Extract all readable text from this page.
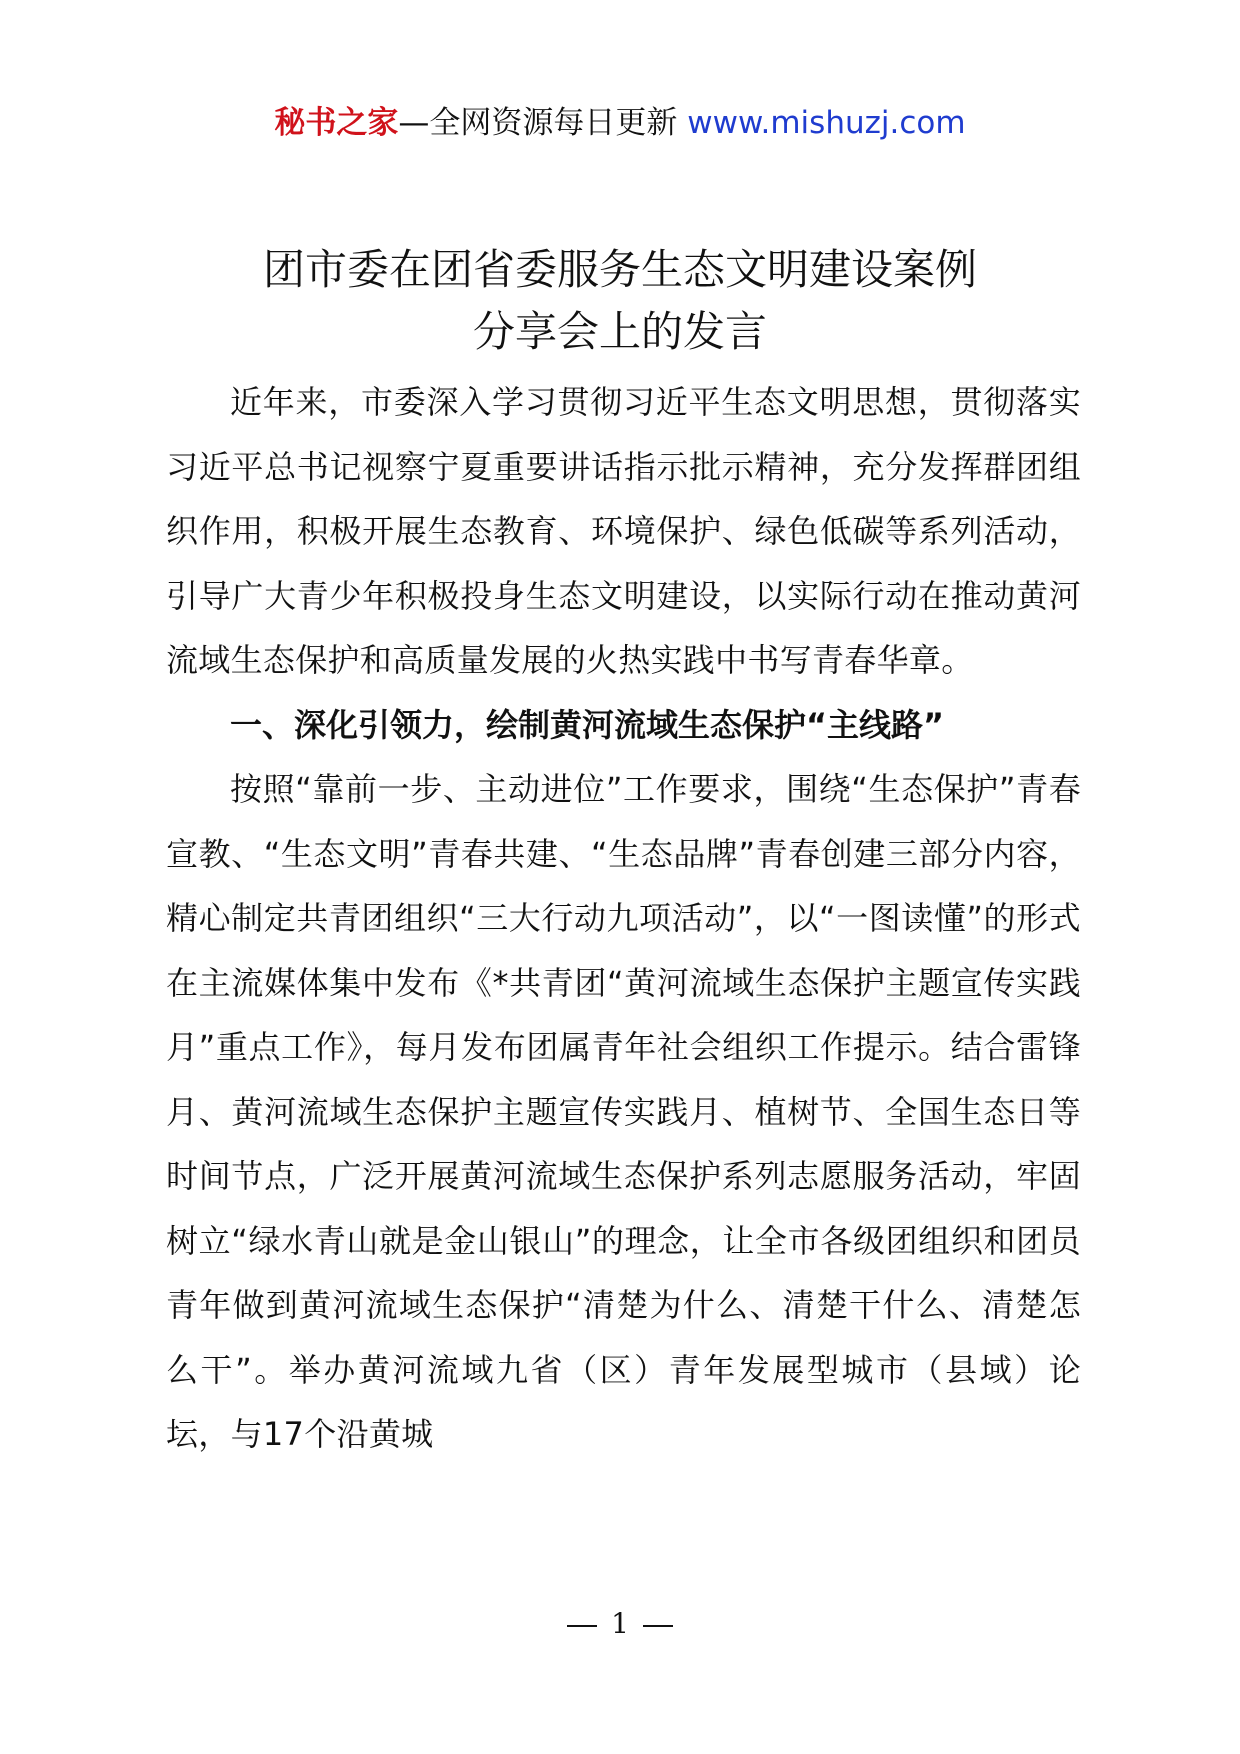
秘书之家—全网资源每日更新 www.mishuzj.com
团市委在团省委服务生态文明建设案例
分享会上的发言

近年来，市委深入学习贯彻习近平生态文明思想，贯彻落实习近平总书记视察宁夏重要讲话指示批示精神，充分发挥群团组织作用，积极开展生态教育、环境保护、绿色低碳等系列活动，引导广大青少年积极投身生态文明建设，以实际行动在推动黄河流域生态保护和高质量发展的火热实践中书写青春华章。

一、深化引领力，绘制黄河流域生态保护“主线路”

按照“靠前一步、主动进位”工作要求，围绕“生态保护”青春宣教、“生态文明”青春共建、“生态品牌”青春创建三部分内容，精心制定共青团组织“三大行动九项活动”，以“一图读懂”的形式在主流媒体集中发布《*共青团“黄河流域生态保护主题宣传实践月”重点工作》，每月发布团属青年社会组织工作提示。结合雷锋月、黄河流域生态保护主题宣传实践月、植树节、全国生态日等时间节点，广泛开展黄河流域生态保护系列志愿服务活动，牢固树立“绿水青山就是金山银山”的理念，让全市各级团组织和团员青年做到黄河流域生态保护“清楚为什么、清楚干什么、清楚怎么干”。举办黄河流域九省（区）青年发展型城市（县域）论坛，与17个沿黄城

1
